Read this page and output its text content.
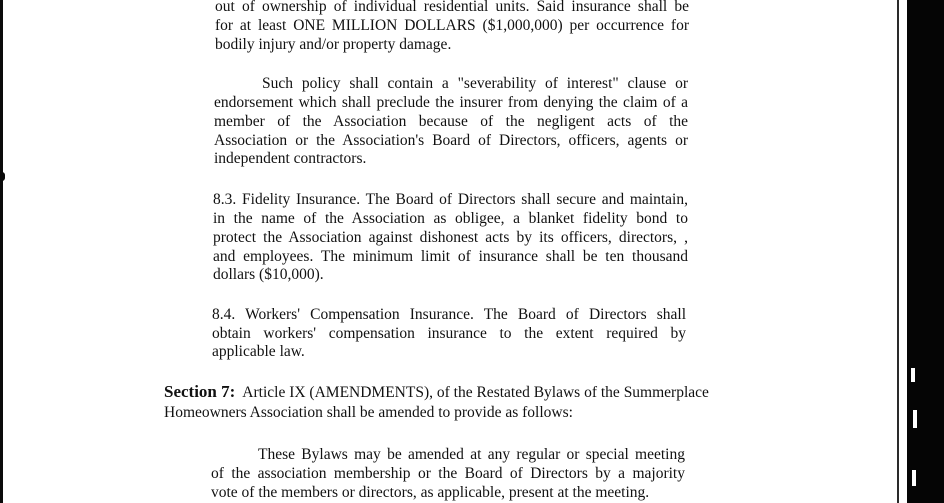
out of ownership of individual residential units. Said insurance shall be
for at least ONE MILLION DOLLARS ($1,000,000) per occurrence for
bodily injury and/or property damage.
Such policy shall contain a "severability of interest" clause or
endorsement which shall preclude the insurer from denying the claim of a
member of the Association because of the negligent acts of the
Association or the Association's Board of Directors, officers, agents or
independent contractors.
8.3. Fidelity Insurance. The Board of Directors shall secure and maintain,
in the name of the Association as obligee, a blanket fidelity bond to
protect the Association against dishonest acts by its officers, directors, ,
and employees. The minimum limit of insurance shall be ten thousand
dollars ($10,000).
8.4. Workers' Compensation Insurance. The Board of Directors shall
obtain workers' compensation insurance to the extent required by
applicable law.
Section 7: Article IX (AMENDMENTS), of the Restated Bylaws of the Summerplace
Homeowners Association shall be amended to provide as follows:
These Bylaws may be amended at any regular or special meeting
of the association membership or the Board of Directors by a majority
vote of the members or directors, as applicable, present at the meeting.
